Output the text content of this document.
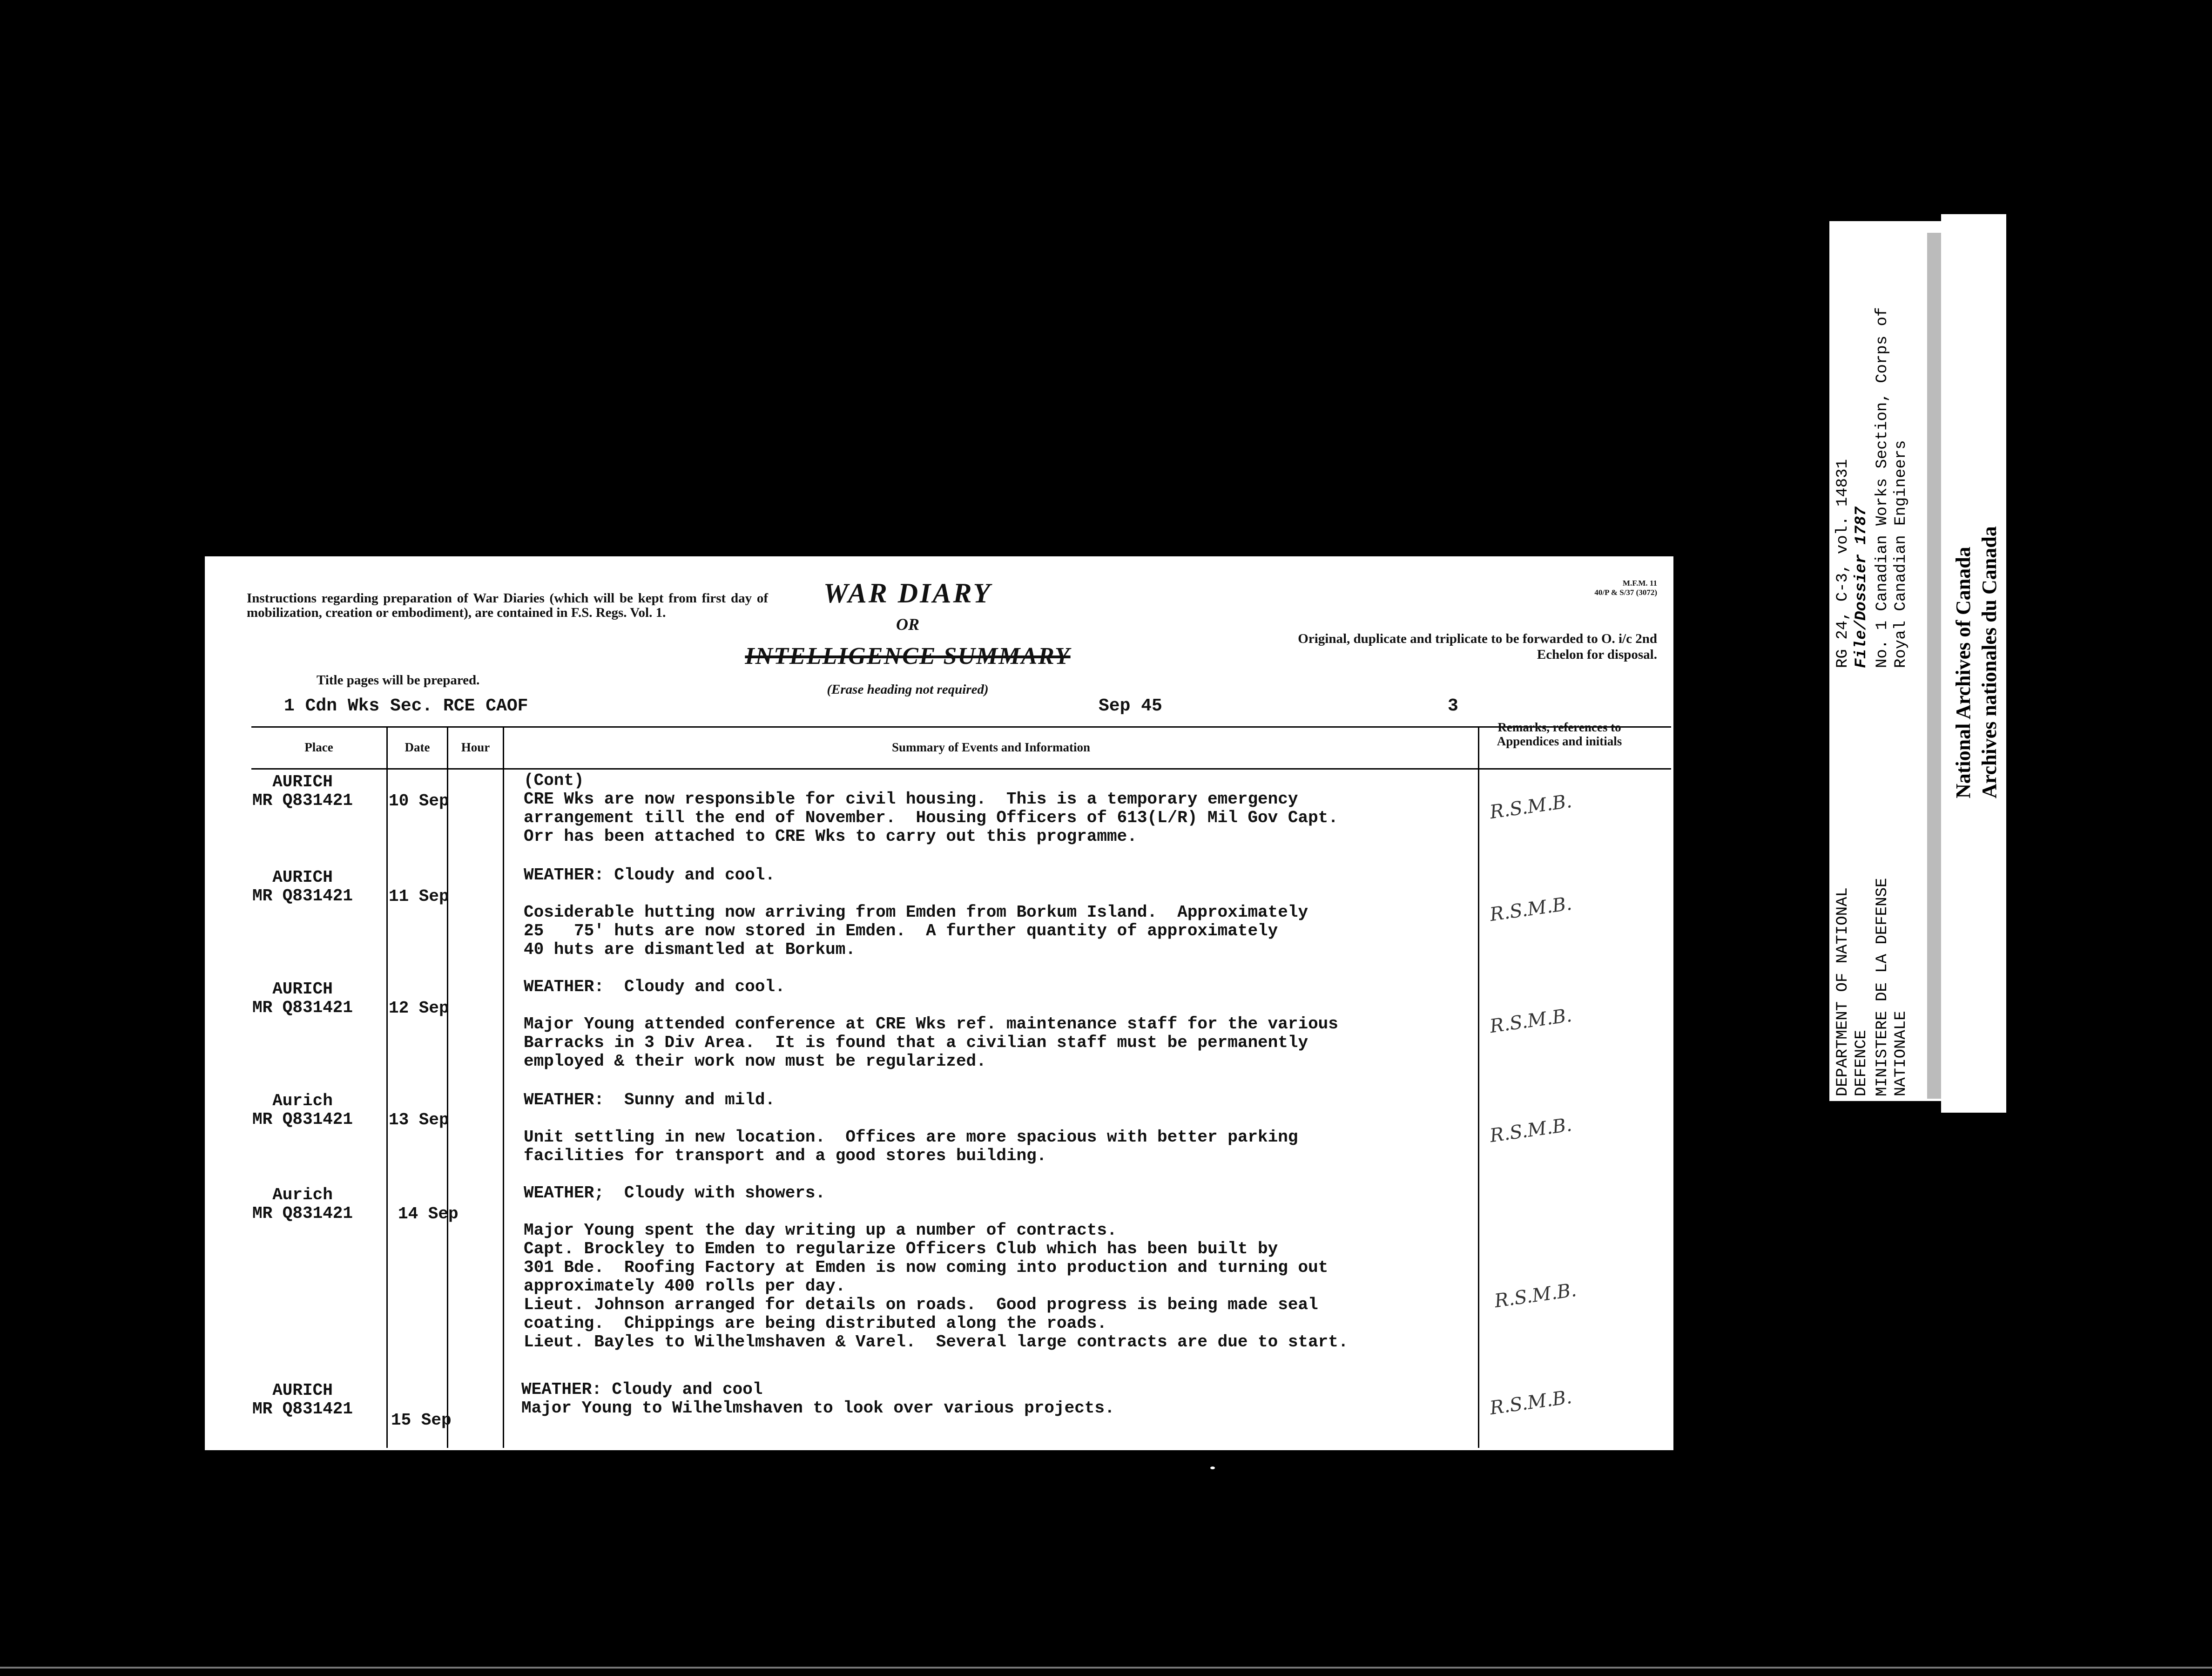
Instructions regarding preparation of War Diaries (which will be kept from first day of mobilization, creation or embodiment), are contained in F.S. Regs. Vol. 1.
Title pages will be prepared.
WAR DIARY
OR
INTELLIGENCE SUMMARY
(Erase heading not required)
M.F.M. 11
40/P & S/37 (3072)
Original, duplicate and triplicate to be forwarded to O. i/c 2nd Echelon for disposal.
1 Cdn Wks Sec. RCE CAOF	Sep 45	3
Place	Date	Hour	Summary of Events and Information
Remarks, references to Appendices and initials
AURICH
MR Q831421	10 Sep
(Cont)
CRE Wks are now responsible for civil housing.  This is a temporary emergency
arrangement till the end of November.  Housing Officers of 613(L/R) Mil Gov Capt.
Orr has been attached to CRE Wks to carry out this programme.
R.S.M.B.
AURICH
MR Q831421	11 Sep
WEATHER: Cloudy and cool.

Cosiderable hutting now arriving from Emden from Borkum Island.  Approximately
25   75' huts are now stored in Emden.  A further quantity of approximately
40 huts are dismantled at Borkum.
R.S.M.B.
AURICH
MR Q831421	12 Sep
WEATHER:  Cloudy and cool.

Major Young attended conference at CRE Wks ref. maintenance staff for the various
Barracks in 3 Div Area.  It is found that a civilian staff must be permanently
employed & their work now must be regularized.
R.S.M.B.
Aurich
MR Q831421	13 Sep
WEATHER:  Sunny and mild.

Unit settling in new location.  Offices are more spacious with better parking
facilities for transport and a good stores building.
R.S.M.B.
Aurich
MR Q831421	14 Sep
WEATHER;  Cloudy with showers.

Major Young spent the day writing up a number of contracts.
Capt. Brockley to Emden to regularize Officers Club which has been built by
301 Bde.  Roofing Factory at Emden is now coming into production and turning out
approximately 400 rolls per day.
Lieut. Johnson arranged for details on roads.  Good progress is being made seal
coating.  Chippings are being distributed along the roads.
Lieut. Bayles to Wilhelmshaven & Varel.  Several large contracts are due to start.
R.S.M.B.
AURICH
MR Q831421
15 Sep
WEATHER: Cloudy and cool
Major Young to Wilhelmshaven to look over various projects.	R.S.M.B.
RG 24, C-3, vol. 14831 File/Dossier 1787 No. 1 Canadian Works Section, Corps of Royal Canadian Engineers
DEPARTMENT OF NATIONAL DEFENCE MINISTERE DE LA DEFENSE NATIONALE
National Archives of Canada Archives nationales du Canada
